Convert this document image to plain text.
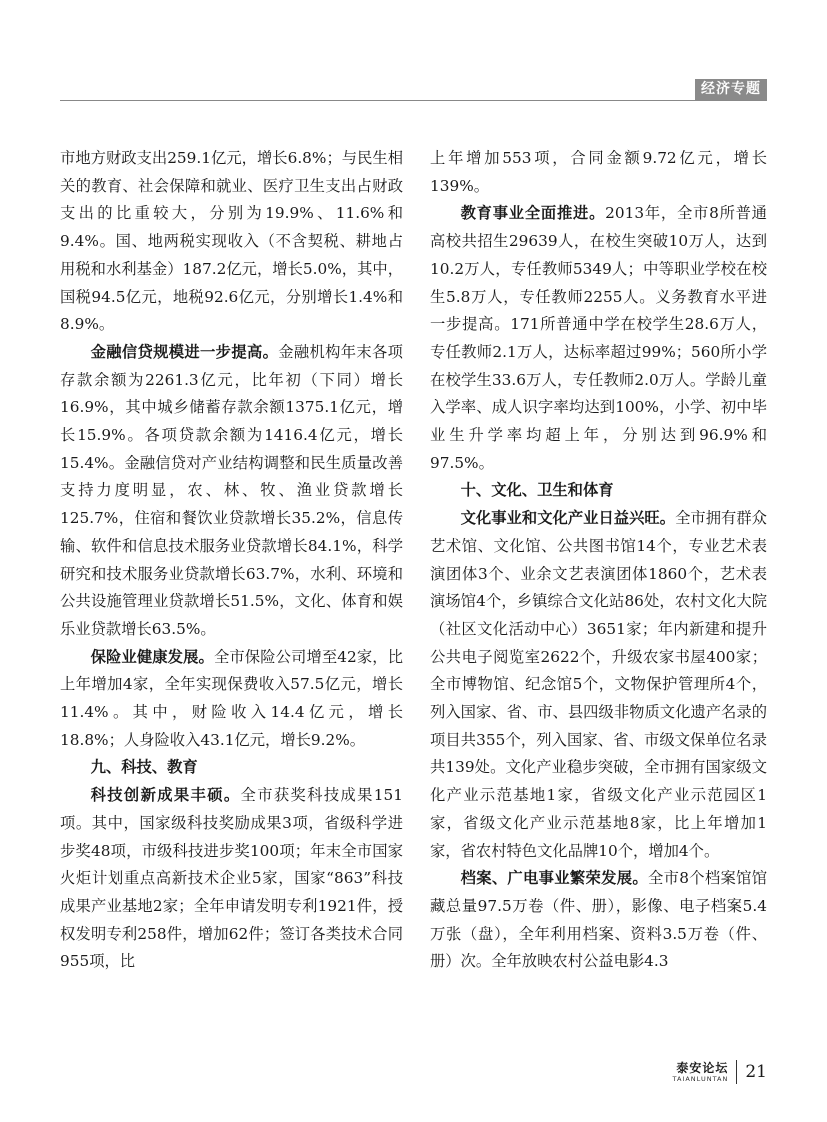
经济专题

市地方财政支出259.1亿元，增长6.8%；与民生相关的教育、社会保障和就业、医疗卫生支出占财政支出的比重较大，分别为19.9%、11.6%和9.4%。国、地两税实现收入（不含契税、耕地占用税和水利基金）187.2亿元，增长5.0%，其中，国税94.5亿元，地税92.6亿元，分别增长1.4%和8.9%。

金融信贷规模进一步提高。金融机构年末各项存款余额为2261.3亿元，比年初（下同）增长16.9%，其中城乡储蓄存款余额1375.1亿元，增长15.9%。各项贷款余额为1416.4亿元，增长15.4%。金融信贷对产业结构调整和民生质量改善支持力度明显，农、林、牧、渔业贷款增长125.7%，住宿和餐饮业贷款增长35.2%，信息传输、软件和信息技术服务业贷款增长84.1%，科学研究和技术服务业贷款增长63.7%，水利、环境和公共设施管理业贷款增长51.5%，文化、体育和娱乐业贷款增长63.5%。

保险业健康发展。全市保险公司增至42家，比上年增加4家，全年实现保费收入57.5亿元，增长11.4%。其中，财险收入14.4亿元，增长18.8%；人身险收入43.1亿元，增长9.2%。

九、科技、教育

科技创新成果丰硕。全市获奖科技成果151项。其中，国家级科技奖励成果3项，省级科学进步奖48项，市级科技进步奖100项；年末全市国家火炬计划重点高新技术企业5家，国家“863”科技成果产业基地2家；全年申请发明专利1921件，授权发明专利258件，增加62件；签订各类技术合同955项，比

上年增加553项，合同金额9.72亿元，增长139%。

教育事业全面推进。2013年，全市8所普通高校共招生29639人，在校生突破10万人，达到10.2万人，专任教师5349人；中等职业学校在校生5.8万人，专任教师2255人。义务教育水平进一步提高。171所普通中学在校学生28.6万人，专任教师2.1万人，达标率超过99%；560所小学在校学生33.6万人，专任教师2.0万人。学龄儿童入学率、成人识字率均达到100%，小学、初中毕业生升学率均超上年，分别达到96.9%和97.5%。

十、文化、卫生和体育

文化事业和文化产业日益兴旺。全市拥有群众艺术馆、文化馆、公共图书馆14个，专业艺术表演团体3个、业余文艺表演团体1860个，艺术表演场馆4个，乡镇综合文化站86处，农村文化大院（社区文化活动中心）3651家；年内新建和提升公共电子阅览室2622个，升级农家书屋400家；全市博物馆、纪念馆5个，文物保护管理所4个，列入国家、省、市、县四级非物质文化遗产名录的项目共355个，列入国家、省、市级文保单位名录共139处。文化产业稳步突破，全市拥有国家级文化产业示范基地1家，省级文化产业示范园区1家，省级文化产业示范基地8家，比上年增加1家，省农村特色文化品牌10个，增加4个。

档案、广电事业繁荣发展。全市8个档案馆馆藏总量97.5万卷（件、册），影像、电子档案5.4万张（盘），全年利用档案、资料3.5万卷（件、册）次。全年放映农村公益电影4.3

泰安论坛
TAIANLUNTAN 21
